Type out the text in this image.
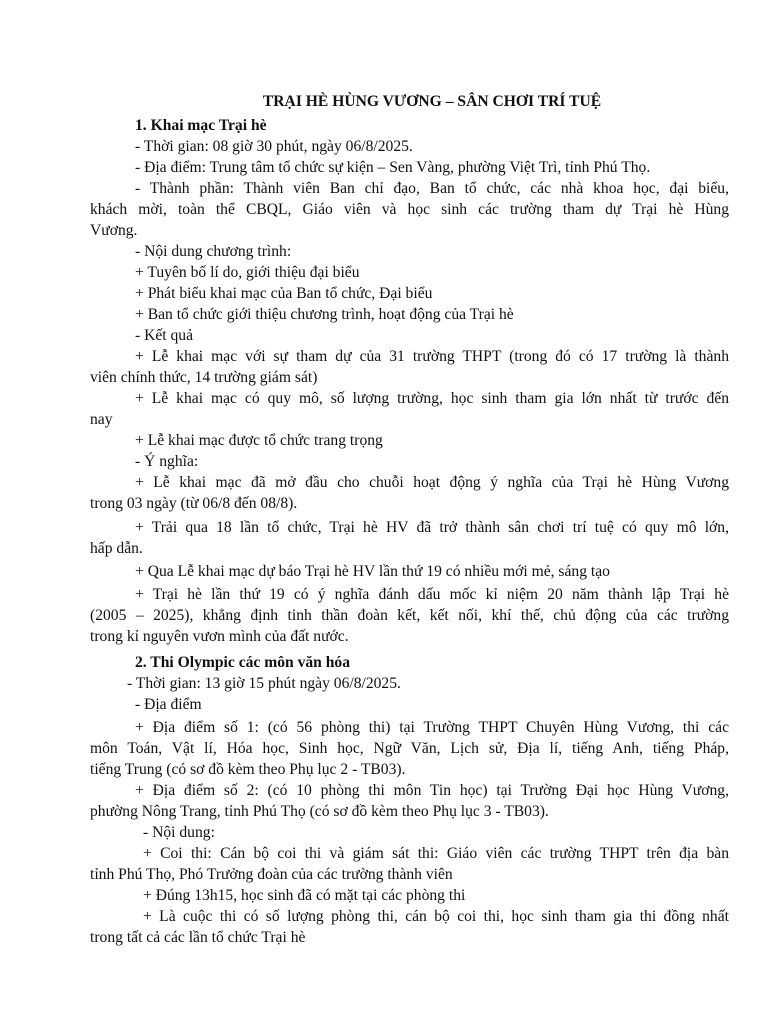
TRẠI HÈ HÙNG VƯƠNG – SÂN CHƠI TRÍ TUỆ
1. Khai mạc Trại hè
- Thời gian: 08 giờ 30 phút, ngày 06/8/2025.
- Địa điểm: Trung tâm tổ chức sự kiện – Sen Vàng, phường Việt Trì, tỉnh Phú Thọ.
- Thành phần: Thành viên Ban chỉ đạo, Ban tổ chức, các nhà khoa học, đại biểu,
khách mời, toàn thể CBQL, Giáo viên và học sinh các trường tham dự Trại hè Hùng
Vương.
- Nội dung chương trình:
+ Tuyên bố lí do, giới thiệu đại biểu
+ Phát biểu khai mạc của Ban tổ chức, Đại biểu
+ Ban tổ chức giới thiệu chương trình, hoạt động của Trại hè
- Kết quả
+ Lễ khai mạc với sự tham dự của 31 trường THPT (trong đó có 17 trường là thành
viên chính thức, 14 trường giám sát)
+ Lễ khai mạc có quy mô, số lượng trường, học sinh tham gia lớn nhất từ trước đến
nay
+ Lễ khai mạc được tổ chức trang trọng
- Ý nghĩa:
+ Lễ khai mạc đã mở đầu cho chuỗi hoạt động ý nghĩa của Trại hè Hùng Vương
trong 03 ngày (từ 06/8 đến 08/8).
+ Trải qua 18 lần tổ chức, Trại hè HV đã trở thành sân chơi trí tuệ có quy mô lớn,
hấp dẫn.
+ Qua Lễ khai mạc dự báo Trại hè HV lần thứ 19 có nhiều mới mẻ, sáng tạo
+ Trại hè lần thứ 19 có ý nghĩa đánh dấu mốc kỉ niệm 20 năm thành lập Trại hè
(2005 – 2025), khẳng định tinh thần đoàn kết, kết nối, khí thế, chủ động của các trường
trong kỉ nguyên vươn mình của đất nước.
2. Thi Olympic các môn văn hóa
- Thời gian: 13 giờ 15 phút ngày 06/8/2025.
- Địa điểm
+ Địa điểm số 1: (có 56 phòng thi) tại Trường THPT Chuyên Hùng Vương, thi các
môn Toán, Vật lí, Hóa học, Sinh học, Ngữ Văn, Lịch sử, Địa lí, tiếng Anh, tiếng Pháp,
tiếng Trung (có sơ đồ kèm theo Phụ lục 2 - TB03).
+ Địa điểm số 2: (có 10 phòng thi môn Tin học) tại Trường Đại học Hùng Vương,
phường Nông Trang, tỉnh Phú Thọ (có sơ đồ kèm theo Phụ lục 3 - TB03).
- Nội dung:
+ Coi thi: Cán bộ coi thi và giám sát thi: Giáo viên các trường THPT trên địa bàn
tỉnh Phú Thọ, Phó Trưởng đoàn của các trường thành viên
+ Đúng 13h15, học sinh đã có mặt tại các phòng thi
+ Là cuộc thi có số lượng phòng thi, cán bộ coi thi, học sinh tham gia thi đồng nhất
trong tất cả các lần tổ chức Trại hè
